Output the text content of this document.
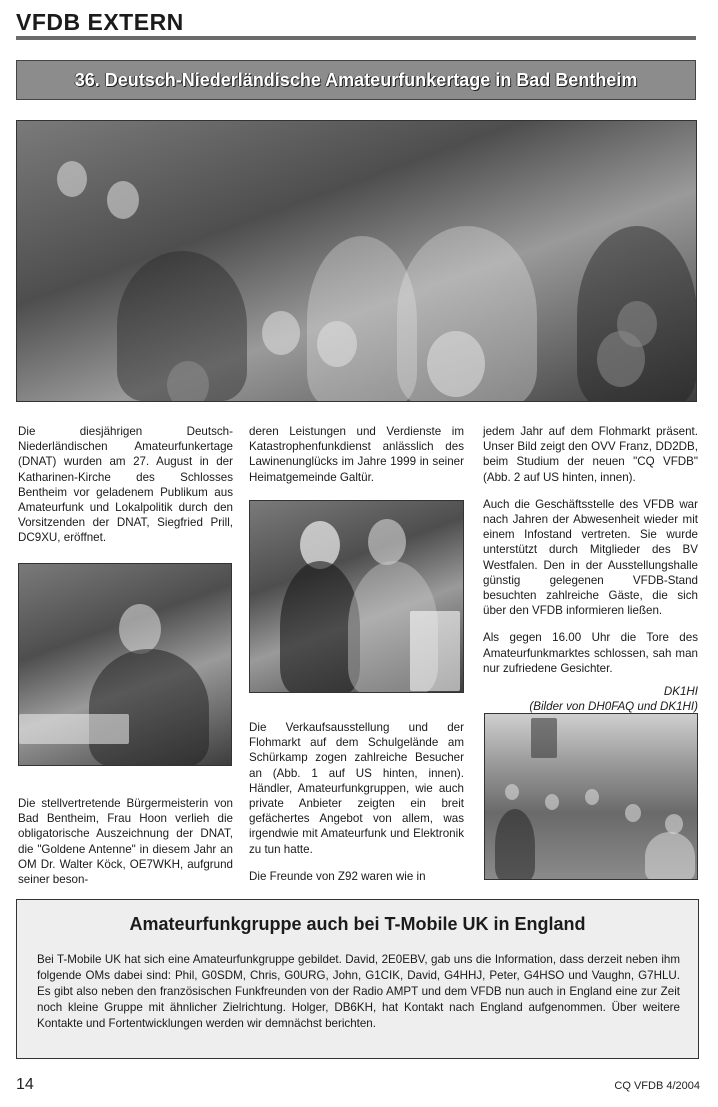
VFDB EXTERN
36. Deutsch-Niederländische Amateurfunkertage in Bad Bentheim

Die diesjährigen Deutsch-Niederländischen Amateurfunkertage (DNAT) wurden am 27. August in der Katharinen-Kirche des Schlosses Bentheim vor geladenem Publikum aus Amateurfunk und Lokalpolitik durch den Vorsitzenden der DNAT, Siegfried Prill, DC9XU, eröffnet.

Die stellvertretende Bürgermeisterin von Bad Bentheim, Frau Hoon verlieh die obligatorische Auszeichnung der DNAT, die "Goldene Antenne" in diesem Jahr an OM Dr. Walter Köck, OE7WKH, aufgrund seiner beson-

deren Leistungen und Verdienste im Katastrophenfunkdienst anlässlich des Lawinenunglücks im Jahre 1999 in seiner Heimatgemeinde Galtür.

Die Verkaufsausstellung und der Flohmarkt auf dem Schulgelände am Schürkamp zogen zahlreiche Besucher an (Abb. 1 auf US hinten, innen). Händler, Amateurfunkgruppen, wie auch private Anbieter zeigten ein breit gefächertes Angebot von allem, was irgendwie mit Amateurfunk und Elektronik zu tun hatte.

Die Freunde von Z92 waren wie in

jedem Jahr auf dem Flohmarkt präsent. Unser Bild zeigt den OVV Franz, DD2DB, beim Studium der neuen "CQ VFDB" (Abb. 2 auf US hinten, innen).

Auch die Geschäftsstelle des VFDB war nach Jahren der Abwesenheit wieder mit einem Infostand vertreten. Sie wurde unterstützt durch Mitglieder des BV Westfalen. Den in der Ausstellungshalle günstig gelegenen VFDB-Stand besuchten zahlreiche Gäste, die sich über den VFDB informieren ließen.

Als gegen 16.00 Uhr die Tore des Amateurfunkmarktes schlossen, sah man nur zufriedene Gesichter.

DK1HI
(Bilder von DH0FAQ und DK1HI)
Amateurfunkgruppe auch bei T-Mobile UK in England
Bei T-Mobile UK hat sich eine Amateurfunkgruppe gebildet. David, 2E0EBV, gab uns die Information, dass derzeit neben ihm folgende OMs dabei sind: Phil, G0SDM, Chris, G0URG, John, G1CIK, David, G4HHJ, Peter, G4HSO und Vaughn, G7HLU. Es gibt also neben den französischen Funkfreunden von der Radio AMPT und dem VFDB nun auch in England eine zur Zeit noch kleine Gruppe mit ähnlicher Zielrichtung. Holger, DB6KH, hat Kontakt nach England aufgenommen. Über weitere Kontakte und Fortentwicklungen werden wir demnächst berichten.
14	CQ VFDB 4/2004
